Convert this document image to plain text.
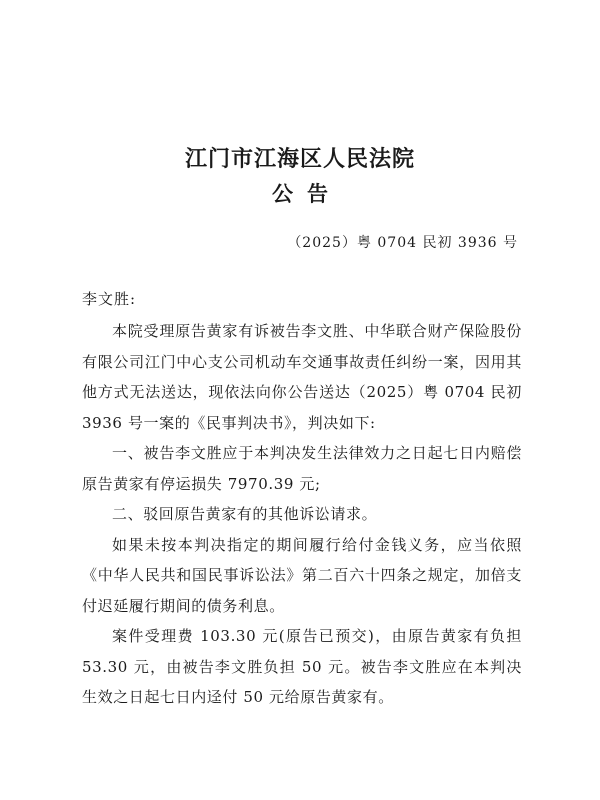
江门市江海区人民法院
公告
（2025）粤 0704 民初 3936 号
李文胜:

本院受理原告黄家有诉被告李文胜、中华联合财产保险股份有限公司江门中心支公司机动车交通事故责任纠纷一案，因用其他方式无法送达，现依法向你公告送达（2025）粤 0704 民初 3936 号一案的《民事判决书》，判决如下:

一、被告李文胜应于本判决发生法律效力之日起七日内赔偿原告黄家有停运损失 7970.39 元;

二、驳回原告黄家有的其他诉讼请求。

如果未按本判决指定的期间履行给付金钱义务，应当依照《中华人民共和国民事诉讼法》第二百六十四条之规定，加倍支付迟延履行期间的债务利息。

案件受理费 103.30 元(原告已预交)，由原告黄家有负担 53.30 元，由被告李文胜负担 50 元。被告李文胜应在本判决生效之日起七日内迳付 50 元给原告黄家有。
